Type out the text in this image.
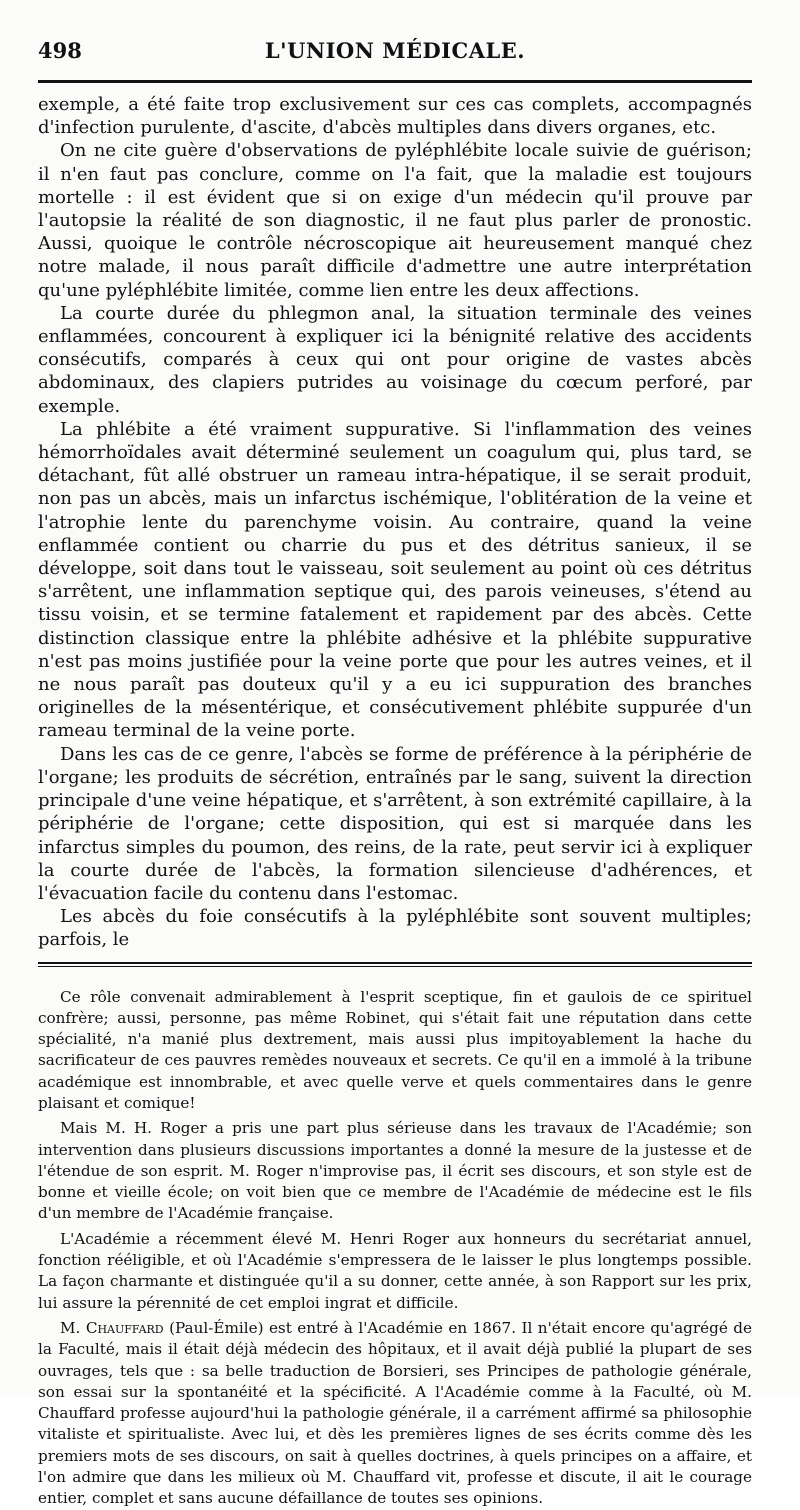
498	L'UNION MÉDICALE.

exemple, a été faite trop exclusivement sur ces cas complets, accompagnés d'infection purulente, d'ascite, d'abcès multiples dans divers organes, etc.

On ne cite guère d'observations de pyléphlébite locale suivie de guérison; il n'en faut pas conclure, comme on l'a fait, que la maladie est toujours mortelle : il est évident que si on exige d'un médecin qu'il prouve par l'autopsie la réalité de son diagnostic, il ne faut plus parler de pronostic. Aussi, quoique le contrôle nécroscopique ait heureusement manqué chez notre malade, il nous paraît difficile d'admettre une autre interprétation qu'une pyléphlébite limitée, comme lien entre les deux affections.

La courte durée du phlegmon anal, la situation terminale des veines enflammées, concourent à expliquer ici la bénignité relative des accidents consécutifs, comparés à ceux qui ont pour origine de vastes abcès abdominaux, des clapiers putrides au voisinage du cœcum perforé, par exemple.

La phlébite a été vraiment suppurative. Si l'inflammation des veines hémorrhoïdales avait déterminé seulement un coagulum qui, plus tard, se détachant, fût allé obstruer un rameau intra-hépatique, il se serait produit, non pas un abcès, mais un infarctus ischémique, l'oblitération de la veine et l'atrophie lente du parenchyme voisin. Au contraire, quand la veine enflammée contient ou charrie du pus et des détritus sanieux, il se développe, soit dans tout le vaisseau, soit seulement au point où ces détritus s'arrêtent, une inflammation septique qui, des parois veineuses, s'étend au tissu voisin, et se termine fatalement et rapidement par des abcès. Cette distinction classique entre la phlébite adhésive et la phlébite suppurative n'est pas moins justifiée pour la veine porte que pour les autres veines, et il ne nous paraît pas douteux qu'il y a eu ici suppuration des branches originelles de la mésentérique, et consécutivement phlébite suppurée d'un rameau terminal de la veine porte.

Dans les cas de ce genre, l'abcès se forme de préférence à la périphérie de l'organe; les produits de sécrétion, entraînés par le sang, suivent la direction principale d'une veine hépatique, et s'arrêtent, à son extrémité capillaire, à la périphérie de l'organe; cette disposition, qui est si marquée dans les infarctus simples du poumon, des reins, de la rate, peut servir ici à expliquer la courte durée de l'abcès, la formation silencieuse d'adhérences, et l'évacuation facile du contenu dans l'estomac.

Les abcès du foie consécutifs à la pyléphlébite sont souvent multiples; parfois, le

Ce rôle convenait admirablement à l'esprit sceptique, fin et gaulois de ce spirituel confrère; aussi, personne, pas même Robinet, qui s'était fait une réputation dans cette spécialité, n'a manié plus dextrement, mais aussi plus impitoyablement la hache du sacrificateur de ces pauvres remèdes nouveaux et secrets. Ce qu'il en a immolé à la tribune académique est innombrable, et avec quelle verve et quels commentaires dans le genre plaisant et comique!

Mais M. H. Roger a pris une part plus sérieuse dans les travaux de l'Académie; son intervention dans plusieurs discussions importantes a donné la mesure de la justesse et de l'étendue de son esprit. M. Roger n'improvise pas, il écrit ses discours, et son style est de bonne et vieille école; on voit bien que ce membre de l'Académie de médecine est le fils d'un membre de l'Académie française.

L'Académie a récemment élevé M. Henri Roger aux honneurs du secrétariat annuel, fonction rééligible, et où l'Académie s'empressera de le laisser le plus longtemps possible. La façon charmante et distinguée qu'il a su donner, cette année, à son Rapport sur les prix, lui assure la pérennité de cet emploi ingrat et difficile.

M. Chauffard (Paul-Émile) est entré à l'Académie en 1867. Il n'était encore qu'agrégé de la Faculté, mais il était déjà médecin des hôpitaux, et il avait déjà publié la plupart de ses ouvrages, tels que : sa belle traduction de Borsieri, ses Principes de pathologie générale, son essai sur la spontanéité et la spécificité. A l'Académie comme à la Faculté, où M. Chauffard professe aujourd'hui la pathologie générale, il a carrément affirmé sa philosophie vitaliste et spiritualiste. Avec lui, et dès les premières lignes de ses écrits comme dès les premiers mots de ses discours, on sait à quelles doctrines, à quels principes on a affaire, et l'on admire que dans les milieux où M. Chauffard vit, professe et discute, il ait le courage entier, complet et sans aucune défaillance de toutes ses opinions.
